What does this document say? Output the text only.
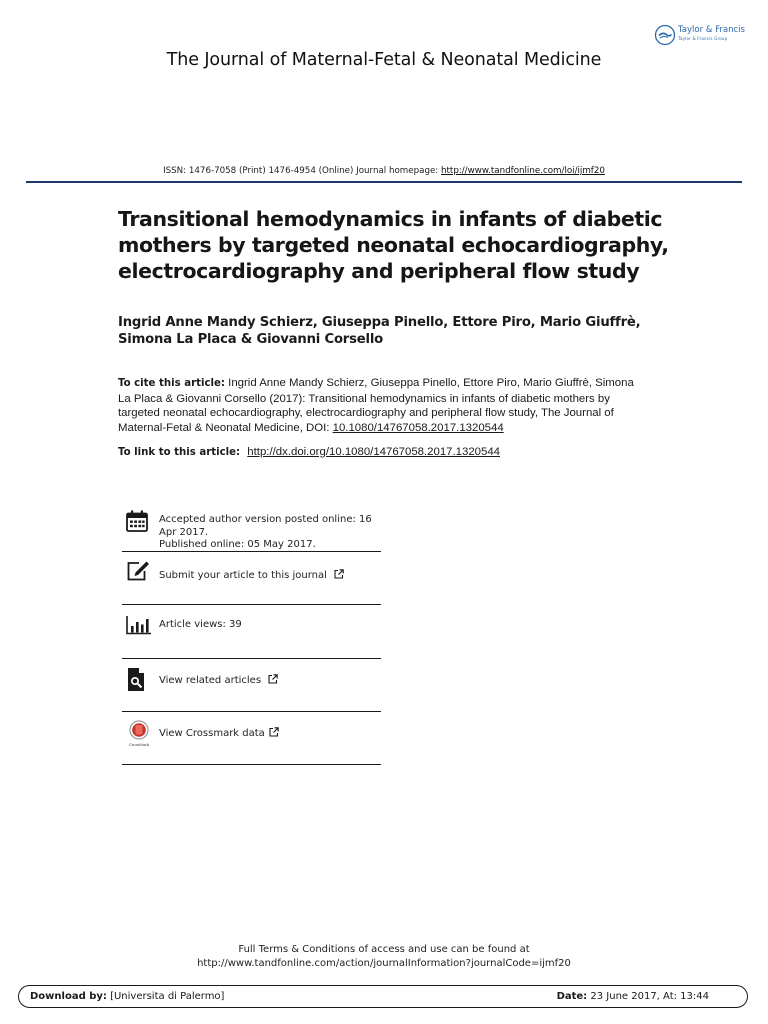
Taylor & Francis
Taylor & Francis Group
The Journal of Maternal-Fetal & Neonatal Medicine
ISSN: 1476-7058 (Print) 1476-4954 (Online) Journal homepage: http://www.tandfonline.com/loi/ijmf20
Transitional hemodynamics in infants of diabetic mothers by targeted neonatal echocardiography, electrocardiography and peripheral flow study
Ingrid Anne Mandy Schierz, Giuseppa Pinello, Ettore Piro, Mario Giuffrè, Simona La Placa & Giovanni Corsello
To cite this article: Ingrid Anne Mandy Schierz, Giuseppa Pinello, Ettore Piro, Mario Giuffrè, Simona La Placa & Giovanni Corsello (2017): Transitional hemodynamics in infants of diabetic mothers by targeted neonatal echocardiography, electrocardiography and peripheral flow study, The Journal of Maternal-Fetal & Neonatal Medicine, DOI: 10.1080/14767058.2017.1320544
To link to this article: http://dx.doi.org/10.1080/14767058.2017.1320544
Accepted author version posted online: 16 Apr 2017.
Published online: 05 May 2017.
Submit your article to this journal
Article views: 39
View related articles
CrossMark
View Crossmark data
Full Terms & Conditions of access and use can be found at
http://www.tandfonline.com/action/journalInformation?journalCode=ijmf20
Download by: [Universita di Palermo]	Date: 23 June 2017, At: 13:44
